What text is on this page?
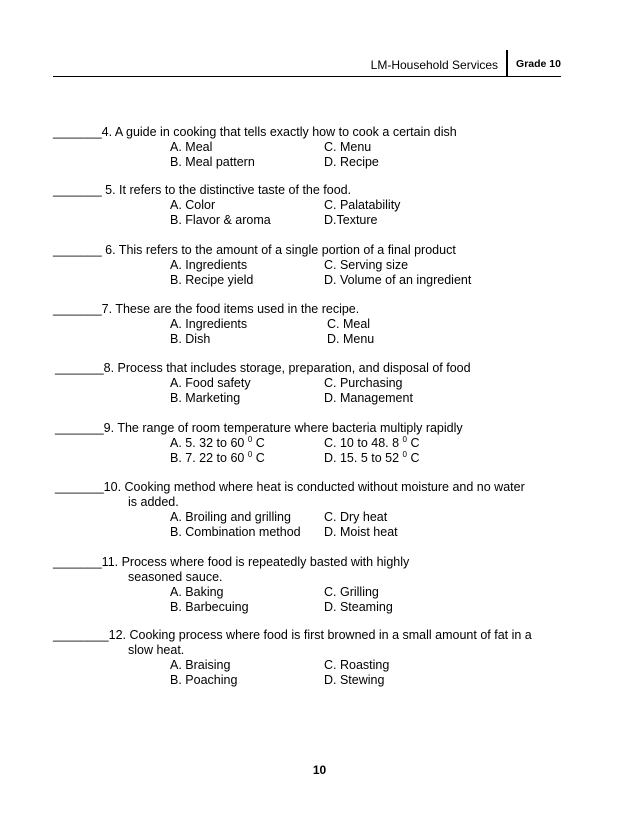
LM-Household Services	Grade 10
_______4. A guide in cooking that tells exactly how to cook a certain dish
A. Meal	C. Menu
B. Meal pattern	D. Recipe
_______ 5. It refers to the distinctive taste of the food.
A. Color	C. Palatability
B. Flavor & aroma	D.Texture
_______ 6. This refers to the amount of a single portion of a final product
A. Ingredients	C. Serving size
B. Recipe yield	D. Volume of an ingredient
_______7. These are the food items used in the recipe.
A. Ingredients	C. Meal
B. Dish	D. Menu
_______8. Process that includes storage, preparation, and disposal of food
A. Food safety	C. Purchasing
B. Marketing	D. Management
_______9. The range of room temperature where bacteria multiply rapidly
A. 5. 32 to 60 $^0$ C	C. 10 to 48. 8 $^0$ C
B. 7. 22 to 60 $^0$ C	D. 15. 5 to 52 $^0$ C
_______10. Cooking method where heat is conducted without moisture and no water
is added.
A. Broiling and grilling	C. Dry heat
B. Combination method	D. Moist heat
_______11. Process where food is repeatedly basted with highly
seasoned sauce.
A. Baking	C. Grilling
B. Barbecuing	D. Steaming
________12. Cooking process where food is first browned in a small amount of fat in a
slow heat.
A. Braising	C. Roasting
B. Poaching	D. Stewing
10
